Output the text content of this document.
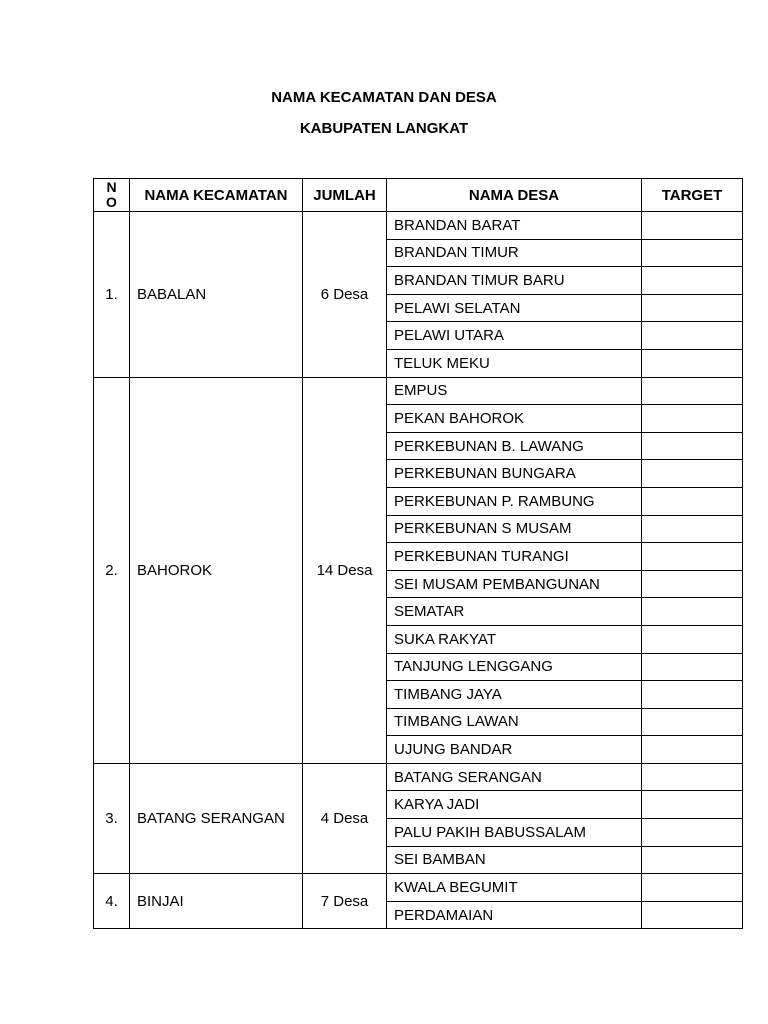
NAMA KECAMATAN DAN DESA
KABUPATEN LANGKAT
N
O	NAMA KECAMATAN	JUMLAH	NAMA DESA	TARGET
1.	BABALAN	6 Desa	BRANDAN BARAT	
			BRANDAN TIMUR	
			BRANDAN TIMUR BARU	
			PELAWI SELATAN	
			PELAWI UTARA	
			TELUK MEKU	
2.	BAHOROK	14 Desa	EMPUS	
			PEKAN BAHOROK	
			PERKEBUNAN B. LAWANG	
			PERKEBUNAN BUNGARA	
			PERKEBUNAN P. RAMBUNG	
			PERKEBUNAN S MUSAM	
			PERKEBUNAN TURANGI	
			SEI MUSAM PEMBANGUNAN	
			SEMATAR	
			SUKA RAKYAT	
			TANJUNG LENGGANG	
			TIMBANG JAYA	
			TIMBANG LAWAN	
			UJUNG BANDAR	
3.	BATANG SERANGAN	4 Desa	BATANG SERANGAN	
			KARYA JADI	
			PALU PAKIH BABUSSALAM	
			SEI BAMBAN	
4.	BINJAI	7 Desa	KWALA BEGUMIT	
			PERDAMAIAN	
